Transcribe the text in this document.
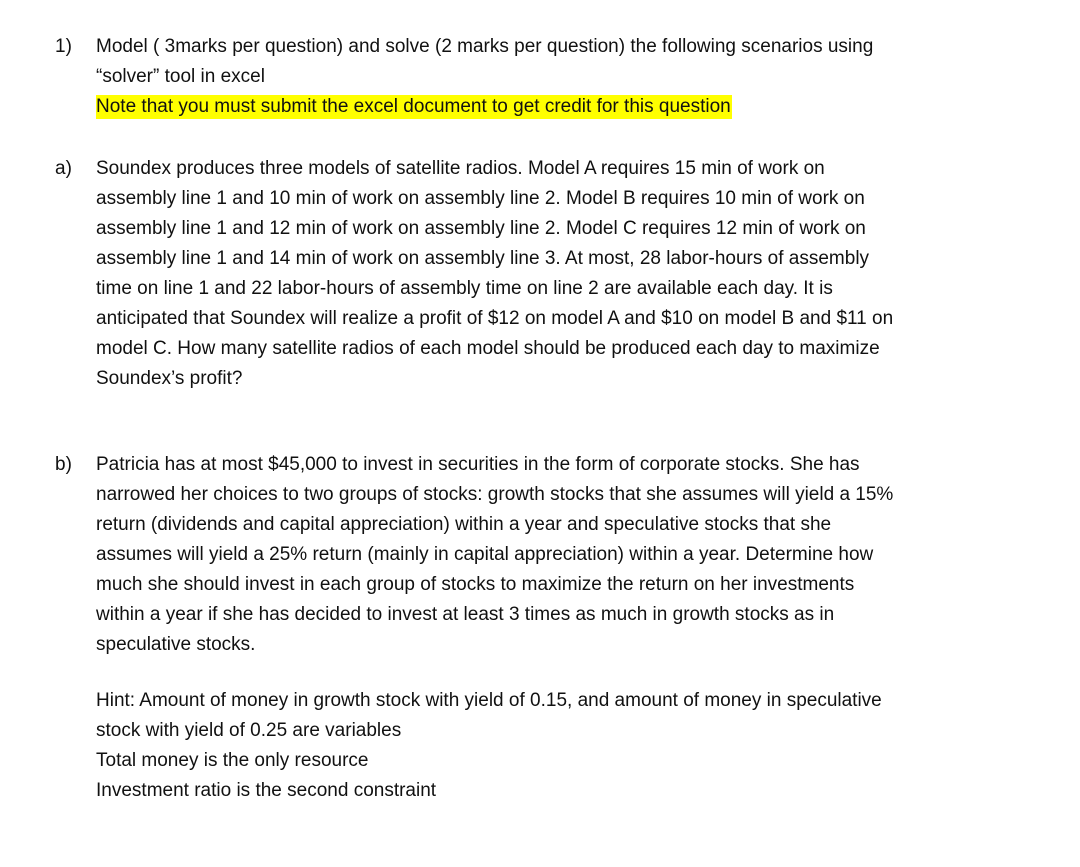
1) Model ( 3marks per question) and solve (2 marks per question) the following scenarios using
“solver” tool in excel
Note that you must submit the excel document to get credit for this question
a) Soundex produces three models of satellite radios. Model A requires 15 min of work on
assembly line 1 and 10 min of work on assembly line 2. Model B requires 10 min of work on
assembly line 1 and 12 min of work on assembly line 2. Model C requires 12 min of work on
assembly line 1 and 14 min of work on assembly line 3. At most, 28 labor-hours of assembly
time on line 1 and 22 labor-hours of assembly time on line 2 are available each day. It is
anticipated that Soundex will realize a profit of $12 on model A and $10 on model B and $11 on
model C. How many satellite radios of each model should be produced each day to maximize
Soundex’s profit?
b) Patricia has at most $45,000 to invest in securities in the form of corporate stocks. She has
narrowed her choices to two groups of stocks: growth stocks that she assumes will yield a 15%
return (dividends and capital appreciation) within a year and speculative stocks that she
assumes will yield a 25% return (mainly in capital appreciation) within a year. Determine how
much she should invest in each group of stocks to maximize the return on her investments
within a year if she has decided to invest at least 3 times as much in growth stocks as in
speculative stocks.
Hint: Amount of money in growth stock with yield of 0.15, and amount of money in speculative
stock with yield of 0.25 are variables
Total money is the only resource
Investment ratio is the second constraint
